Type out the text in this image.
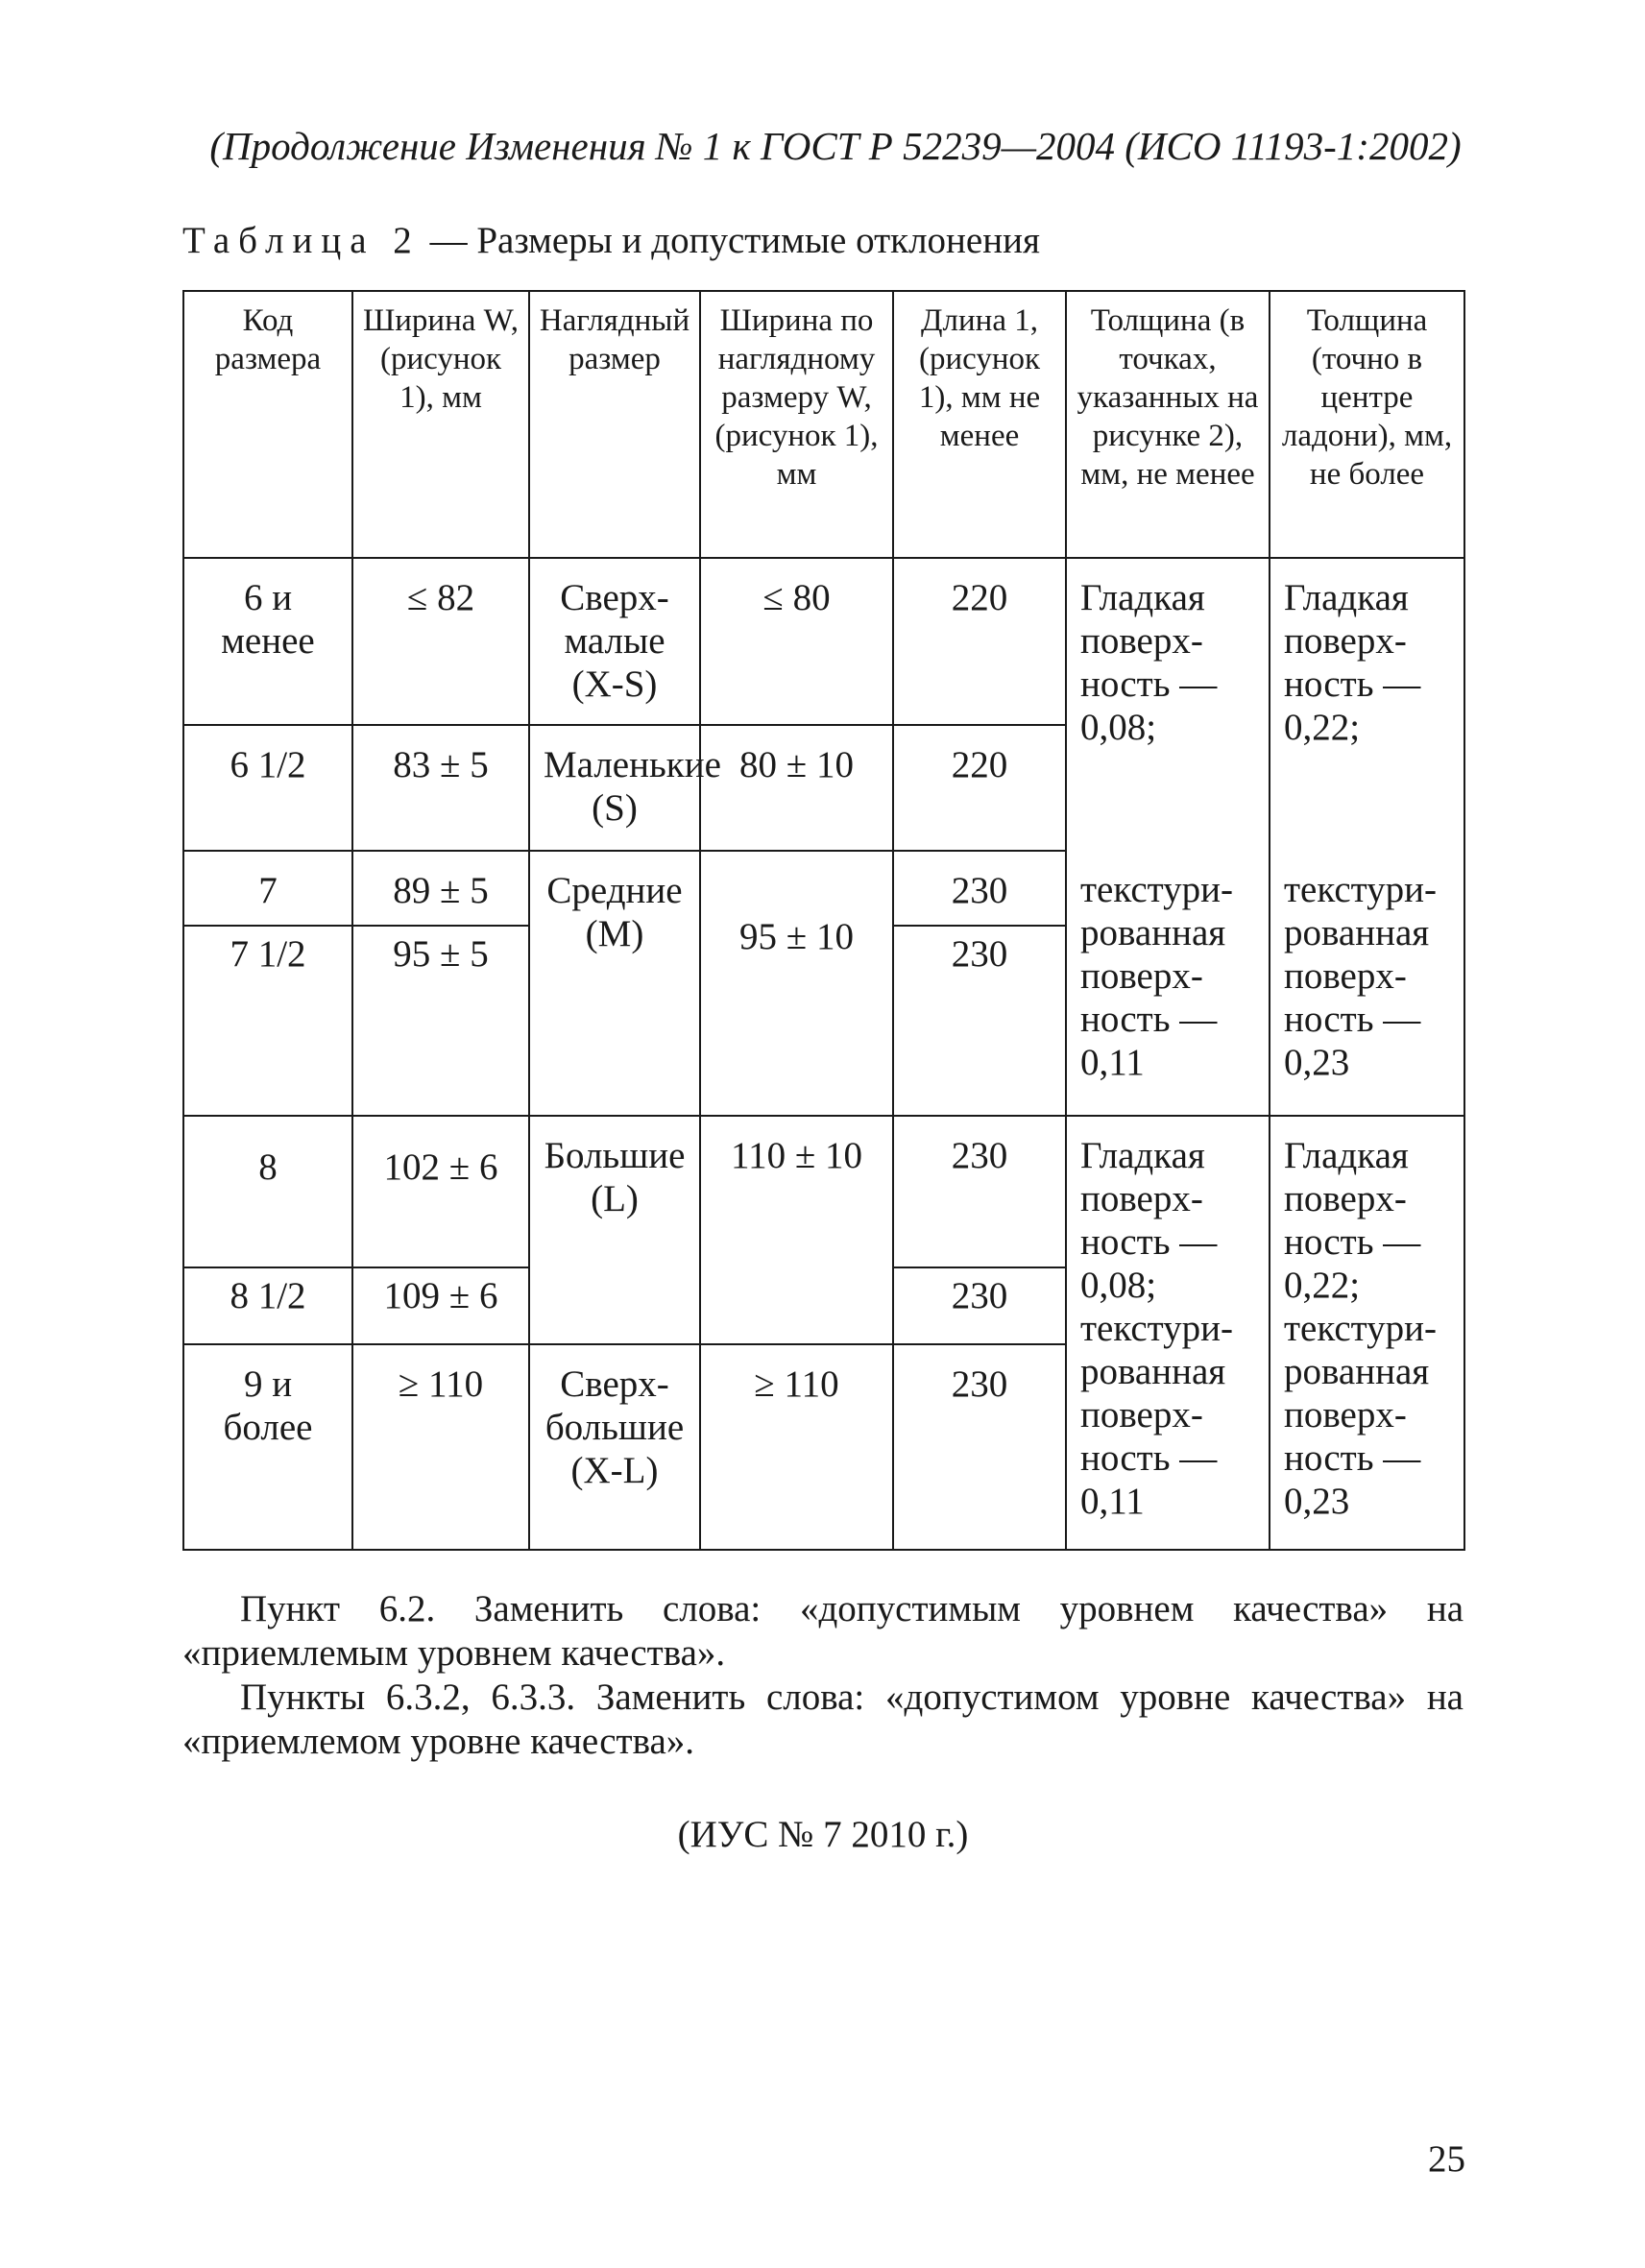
(Продолжение Изменения № 1 к ГОСТ Р 52239—2004 (ИСО 11193-1:2002)
Таблица 2 — Размеры и допустимые отклонения
Код размера	Ширина W, (рисунок 1), мм	Наглядный размер	Ширина по наглядному размеру W, (рисунок 1), мм	Длина 1, (рисунок 1), мм не менее	Толщина (в точках, указанных на рисунке 2), мм, не менее	Толщина (точно в центре ладони), мм, не более
6 и менее	≤ 82	Сверх-малые (X-S)	≤ 80	220	Гладкая поверх-ность — 0,08;	Гладкая поверх-ность — 0,22;
6 1/2	83 ± 5	Маленькие (S)	80 ± 10	220		
7	89 ± 5	Средние (М)	95 ± 10	230	текстури-рованная поверх-ность — 0,11	текстури-рованная поверх-ность — 0,23
7 1/2	95 ± 5			230		
8	102 ± 6	Большие (L)	110 ± 10	230	Гладкая поверх-ность — 0,08; текстури-рованная поверх-ность — 0,11	Гладкая поверх-ность — 0,22; текстури-рованная поверх-ность — 0,23
8 1/2	109 ± 6			230		
9 и более	≥ 110	Сверх-большие (X-L)	≥ 110	230		
Пункт 6.2. Заменить слова: «допустимым уровнем качества» на «приемлемым уровнем качества».
Пункты 6.3.2, 6.3.3. Заменить слова: «допустимом уровне качества» на «приемлемом уровне качества».
(ИУС № 7 2010 г.)
25
